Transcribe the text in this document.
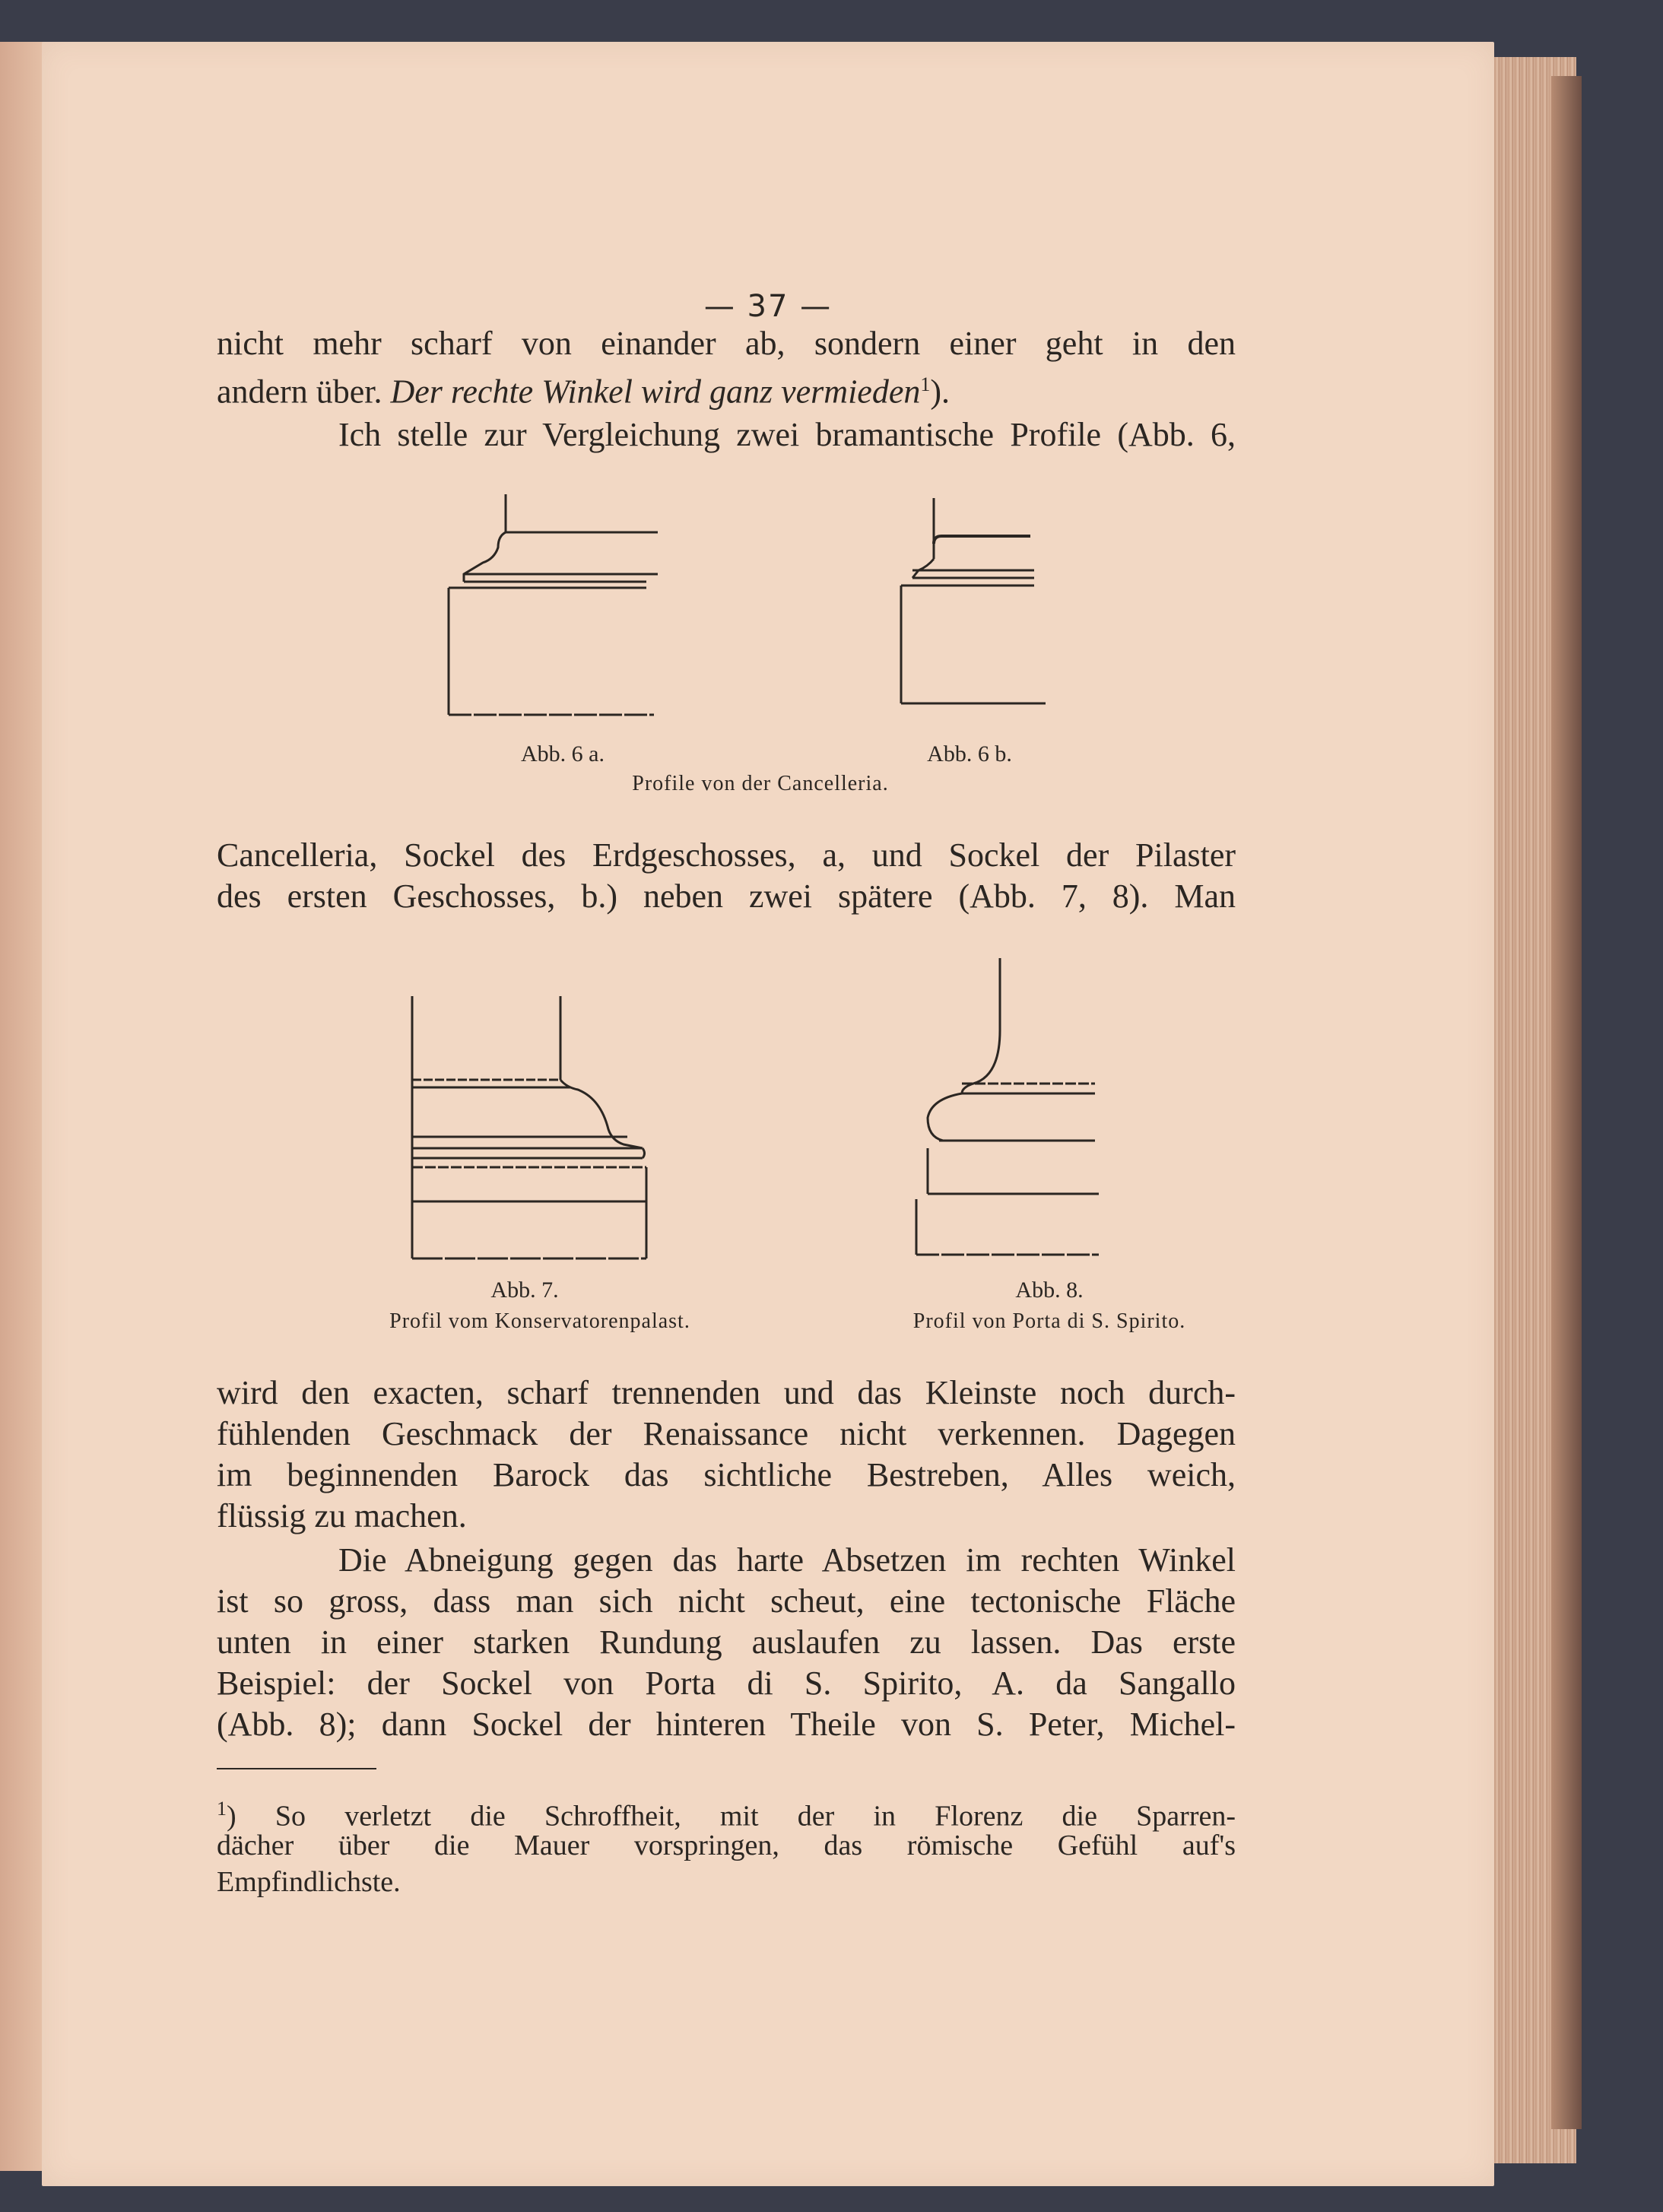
— 37 —
nicht mehr scharf von einander ab, sondern einer geht in den
andern über. Der rechte Winkel wird ganz vermieden$^1$).
Ich stelle zur Vergleichung zwei bramantische Profile (Abb. 6,
Abb. 6 a.	Abb. 6 b.
Profile von der Cancelleria.
Cancelleria, Sockel des Erdgeschosses, a, und Sockel der Pilaster
des ersten Geschosses, b.) neben zwei spätere (Abb. 7, 8). Man
Abb. 7.
Profil vom Konservatorenpalast.
Abb. 8.
Profil von Porta di S. Spirito.
wird den exacten, scharf trennenden und das Kleinste noch durch-
fühlenden Geschmack der Renaissance nicht verkennen. Dagegen
im beginnenden Barock das sichtliche Bestreben, Alles weich,
flüssig zu machen.
Die Abneigung gegen das harte Absetzen im rechten Winkel
ist so gross, dass man sich nicht scheut, eine tectonische Fläche
unten in einer starken Rundung auslaufen zu lassen. Das erste
Beispiel: der Sockel von Porta di S. Spirito, A. da Sangallo
(Abb. 8); dann Sockel der hinteren Theile von S. Peter, Michel-
$^1$) So verletzt die Schroffheit, mit der in Florenz die Sparren-
dächer über die Mauer vorspringen, das römische Gefühl auf's
Empfindlichste.
